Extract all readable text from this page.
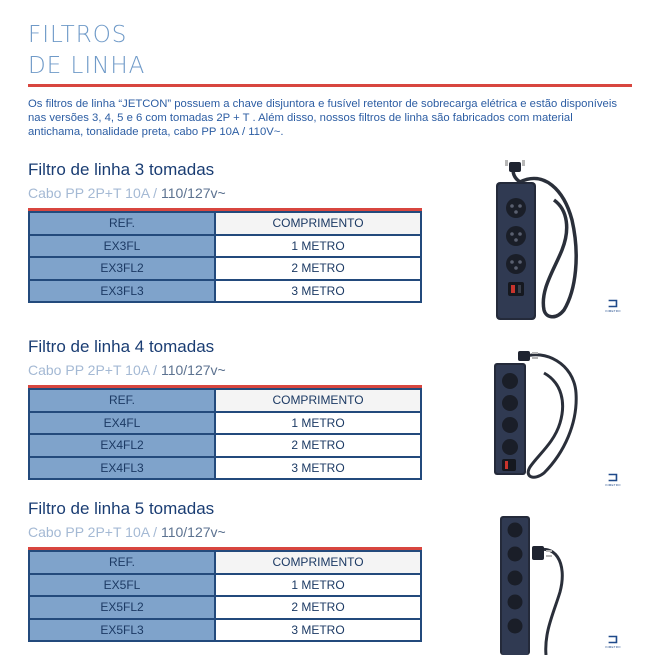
FILTROS
DE LINHA

Os filtros de linha “JETCON” possuem a chave disjuntora e fusível retentor de sobrecarga elétrica e estão disponíveis nas versões 3, 4, 5 e 6 com tomadas 2P + T . Além disso, nossos filtros de linha são fabricados com material antichama, tonalidade preta, cabo PP 10A / 110V~.

Filtro de linha 3 tomadas
Cabo PP 2P+T 10A / 110/127v~
REF.	COMPRIMENTO
EX3FL	1 METRO
EX3FL2	2 METRO
EX3FL3	3 METRO
Filtro de linha 4 tomadas
Cabo PP 2P+T 10A / 110/127v~
REF.	COMPRIMENTO
EX4FL	1 METRO
EX4FL2	2 METRO
EX4FL3	3 METRO
Filtro de linha 5 tomadas
Cabo PP 2P+T 10A / 110/127v~
REF.	COMPRIMENTO
EX5FL	1 METRO
EX5FL2	2 METRO
EX5FL3	3 METRO
⊐
INMETRO
⊐
INMETRO
⊐
INMETRO
